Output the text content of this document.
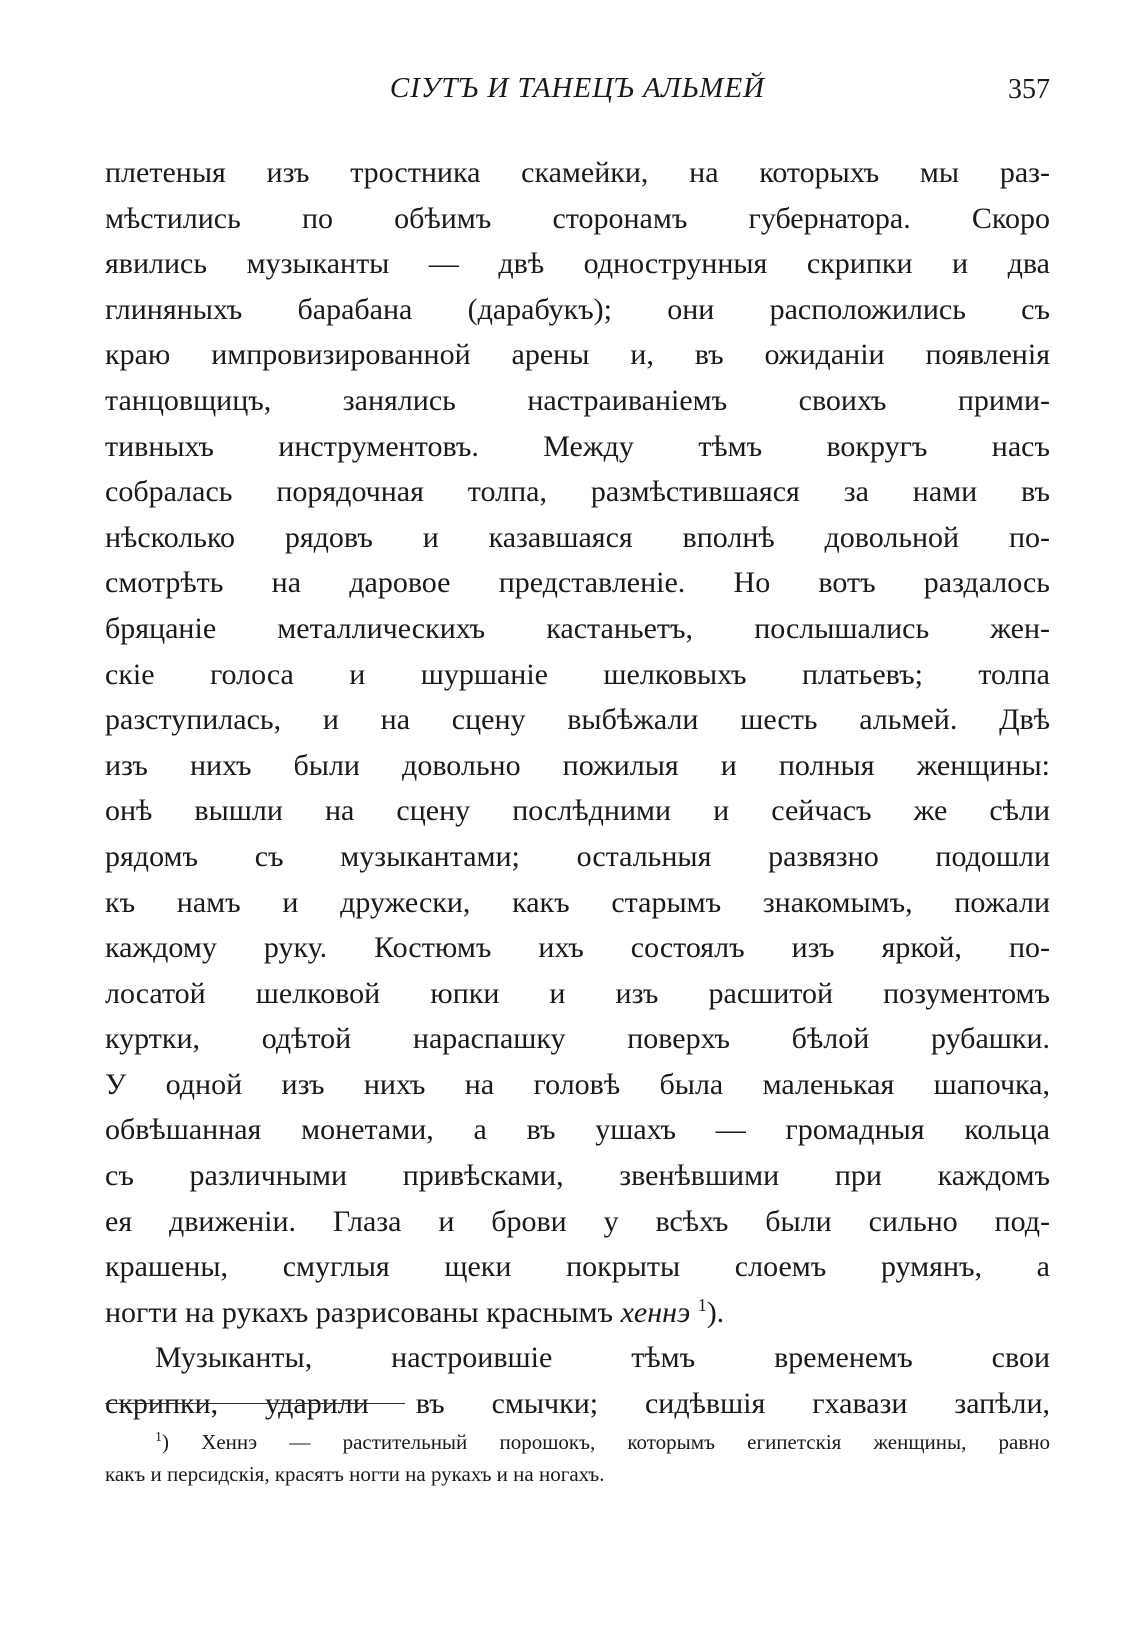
СІУТЪ И ТАНЕЦЪ АЛЬМЕЙ	357
плетеныя изъ тростника скамейки, на которыхъ мы раз-
мѣстились по обѣимъ сторонамъ губернатора. Скоро
явились музыканты — двѣ однострунныя скрипки и два
глиняныхъ барабана (дарабукъ); они расположились съ
краю импровизированной арены и, въ ожиданіи появленія
танцовщицъ, занялись настраиваніемъ своихъ прими-
тивныхъ инструментовъ. Между тѣмъ вокругъ насъ
собралась порядочная толпа, размѣстившаяся за нами въ
нѣсколько рядовъ и казавшаяся вполнѣ довольной по-
смотрѣть на даровое представленіе. Но вотъ раздалось
бряцаніе металлическихъ кастаньетъ, послышались жен-
скіе голоса и шуршаніе шелковыхъ платьевъ; толпа
разступилась, и на сцену выбѣжали шесть альмей. Двѣ
изъ нихъ были довольно пожилыя и полныя женщины:
онѣ вышли на сцену послѣдними и сейчасъ же сѣли
рядомъ съ музыкантами; остальныя развязно подошли
къ намъ и дружески, какъ старымъ знакомымъ, пожали
каждому руку. Костюмъ ихъ состоялъ изъ яркой, по-
лосатой шелковой юпки и изъ расшитой позументомъ
куртки, одѣтой нараспашку поверхъ бѣлой рубашки.
У одной изъ нихъ на головѣ была маленькая шапочка,
обвѣшанная монетами, а въ ушахъ — громадныя кольца
съ различными привѣсками, звенѣвшими при каждомъ
ея движеніи. Глаза и брови у всѣхъ были сильно под-
крашены, смуглыя щеки покрыты слоемъ румянъ, а
ногти на рукахъ разрисованы краснымъ хеннэ $^1$).
Музыканты, настроившіе тѣмъ временемъ свои
скрипки, ударили въ смычки; сидѣвшія гхавази запѣли,
$^1$) Хеннэ — растительный порошокъ, которымъ египетскія женщины, равно
какъ и персидскія, красятъ ногти на рукахъ и на ногахъ.
